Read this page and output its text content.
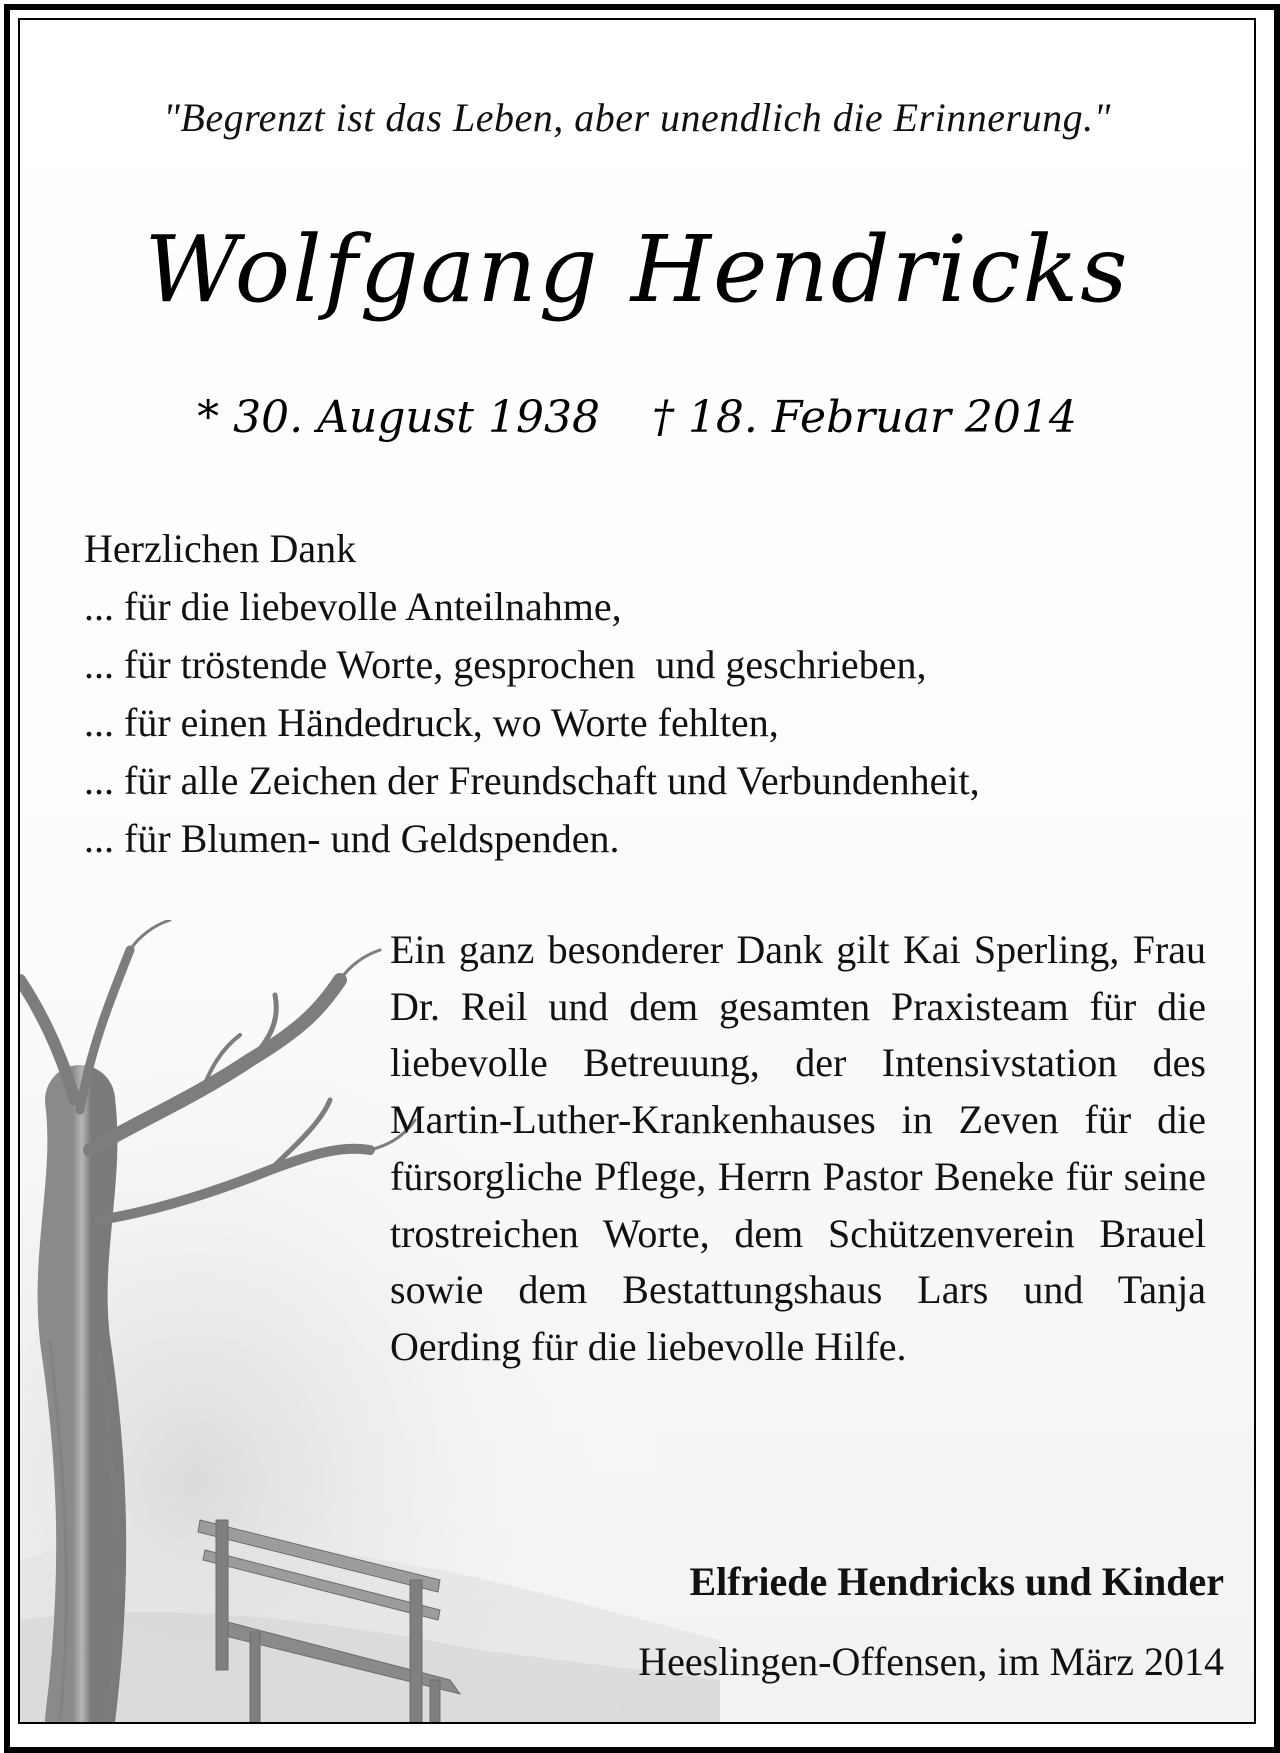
"Begrenzt ist das Leben, aber unendlich die Erinnerung."
Wolfgang Hendricks
* 30. August 1938 † 18. Februar 2014
Herzlichen Dank
... für die liebevolle Anteilnahme,
... für tröstende Worte, gesprochen  und geschrieben,
... für einen Händedruck, wo Worte fehlten,
... für alle Zeichen der Freundschaft und Verbundenheit,
... für Blumen- und Geldspenden.
Ein ganz besonderer Dank gilt Kai Sperling, Frau Dr. Reil und dem gesamten Praxisteam für die liebevolle Betreuung, der Intensivstation des Martin-Luther-Krankenhauses in Zeven für die fürsorgliche Pflege, Herrn Pastor Beneke für seine trostreichen Worte, dem Schützenverein Brauel sowie dem Bestattungshaus Lars und Tanja Oerding für die liebevolle Hilfe.
Elfriede Hendricks und Kinder
Heeslingen-Offensen, im März 2014
